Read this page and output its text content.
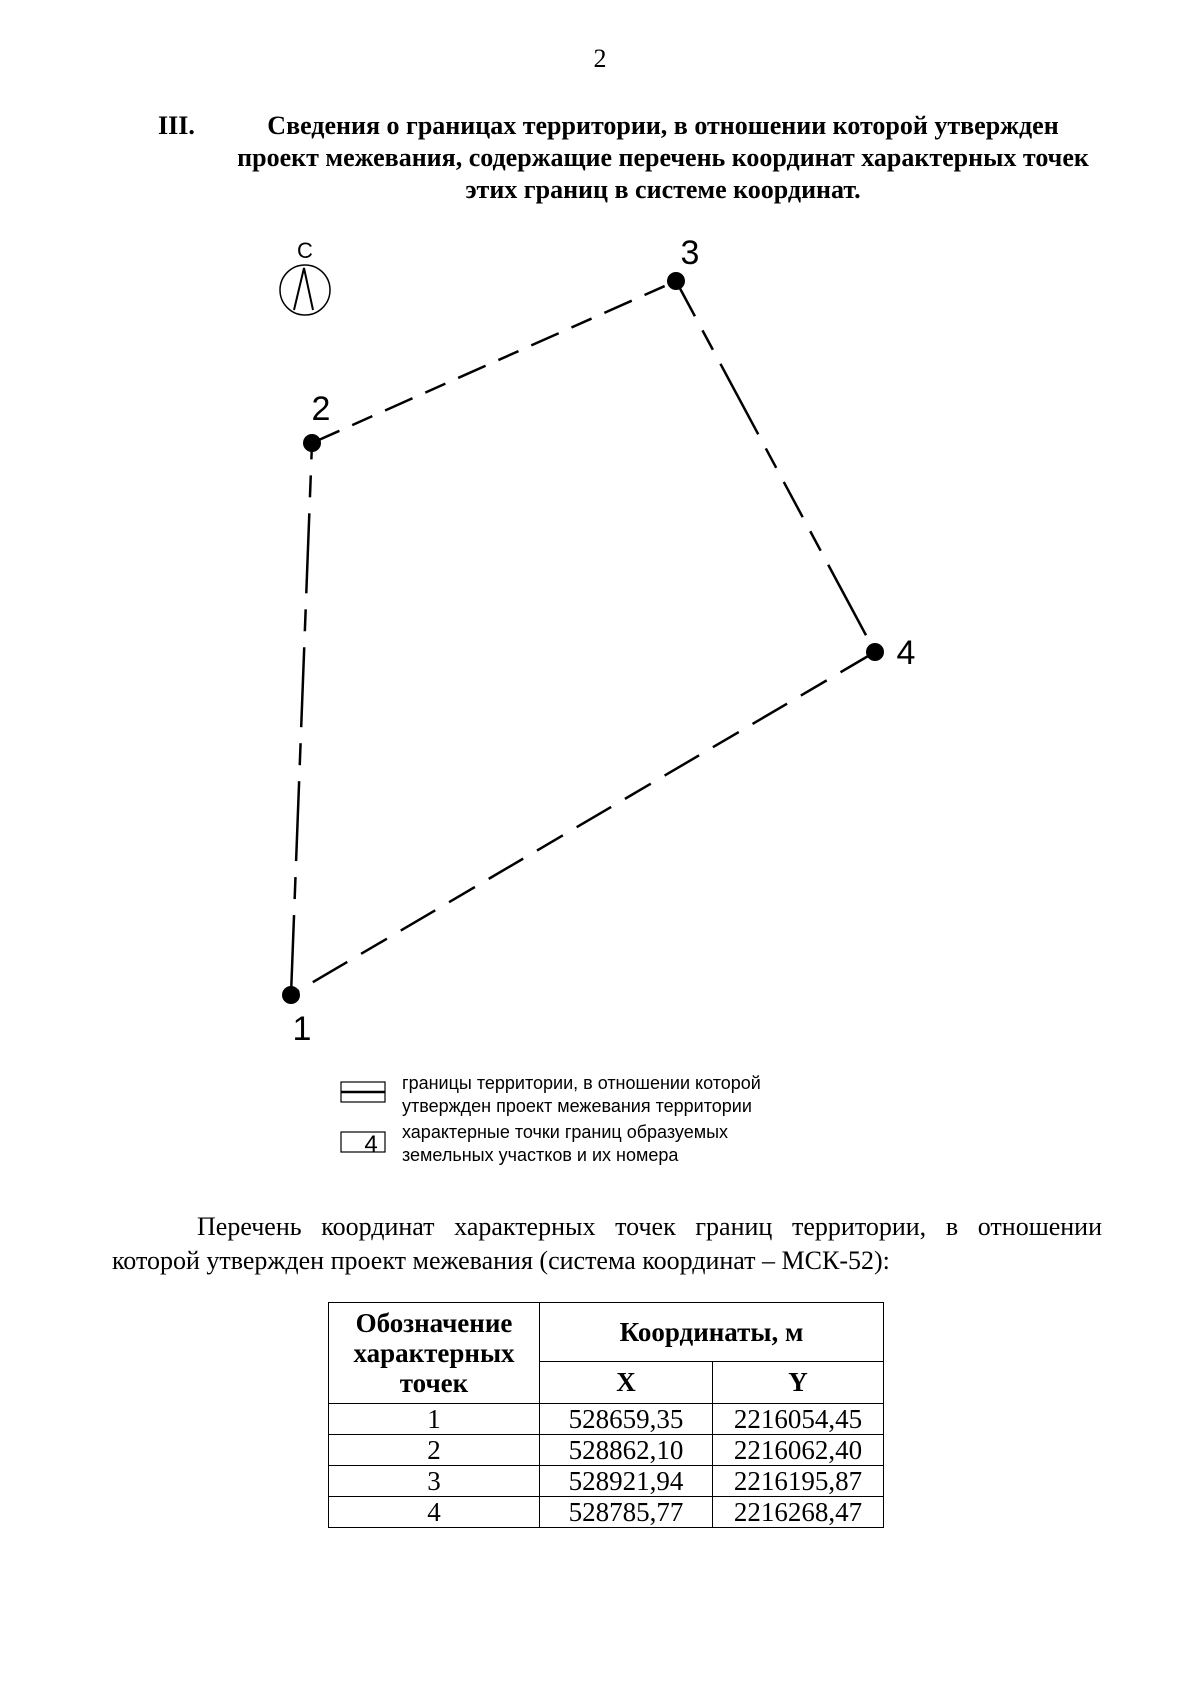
2
III.	Сведения о границах территории, в отношении которой утвержден проект межевания, содержащие перечень координат характерных точек этих границ в системе координат.
С
1
2
3
4
границы территории, в отношении которой
утвержден проект межевания территории
4 характерные точки границ образуемых
земельных участков и их номера
Перечень координат характерных точек границ территории, в отношении которой утвержден проект межевания (система координат – МСК-52):
Обозначение характерных точек	Координаты, м	
	X	Y
1	528659,35	2216054,45
2	528862,10	2216062,40
3	528921,94	2216195,87
4	528785,77	2216268,47
